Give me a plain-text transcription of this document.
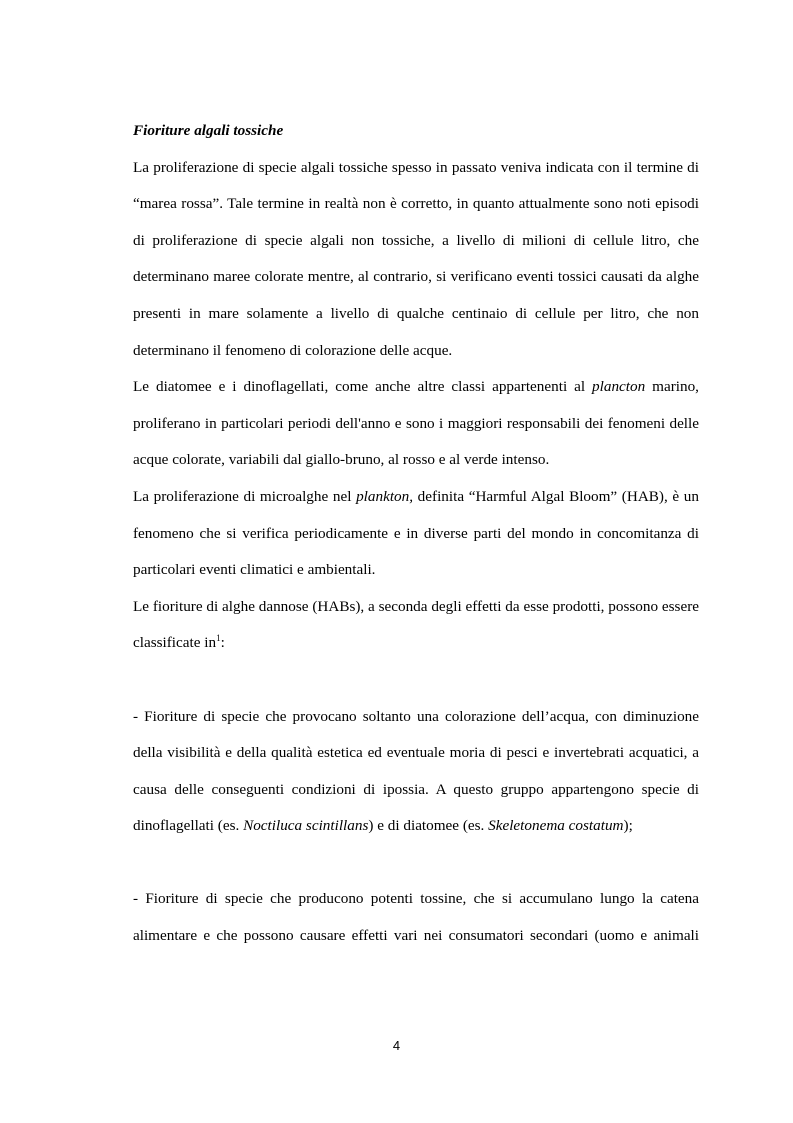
Fioriture algali tossiche

La proliferazione di specie algali tossiche spesso in passato veniva indicata con il termine di “marea rossa”. Tale termine in realtà non è corretto, in quanto attualmente sono noti episodi di proliferazione di specie algali non tossiche, a livello di milioni di cellule litro, che determinano maree colorate mentre, al contrario, si verificano eventi tossici causati da alghe presenti in mare solamente a livello di qualche centinaio di cellule per litro, che non determinano il fenomeno di colorazione delle acque.

Le diatomee e i dinoflagellati, come anche altre classi appartenenti al plancton marino, proliferano in particolari periodi dell'anno e sono i maggiori responsabili dei fenomeni delle acque colorate, variabili dal giallo-bruno, al rosso e al verde intenso.

La proliferazione di microalghe nel plankton, definita “Harmful Algal Bloom” (HAB), è un fenomeno che si verifica periodicamente e in diverse parti del mondo in concomitanza di particolari eventi climatici e ambientali.

Le fioriture di alghe dannose (HABs), a seconda degli effetti da esse prodotti, possono essere classificate $in^1$:

- Fioriture di specie che provocano soltanto una colorazione dell’acqua, con diminuzione della visibilità e della qualità estetica ed eventuale moria di pesci e invertebrati acquatici, a causa delle conseguenti condizioni di ipossia. A questo gruppo appartengono specie di dinoflagellati (es. Noctiluca scintillans) e di diatomee (es. Skeletonema costatum);

- Fioriture di specie che producono potenti tossine, che si accumulano lungo la catena alimentare e che possono causare effetti vari nei consumatori secondari (uomo e animali

4
